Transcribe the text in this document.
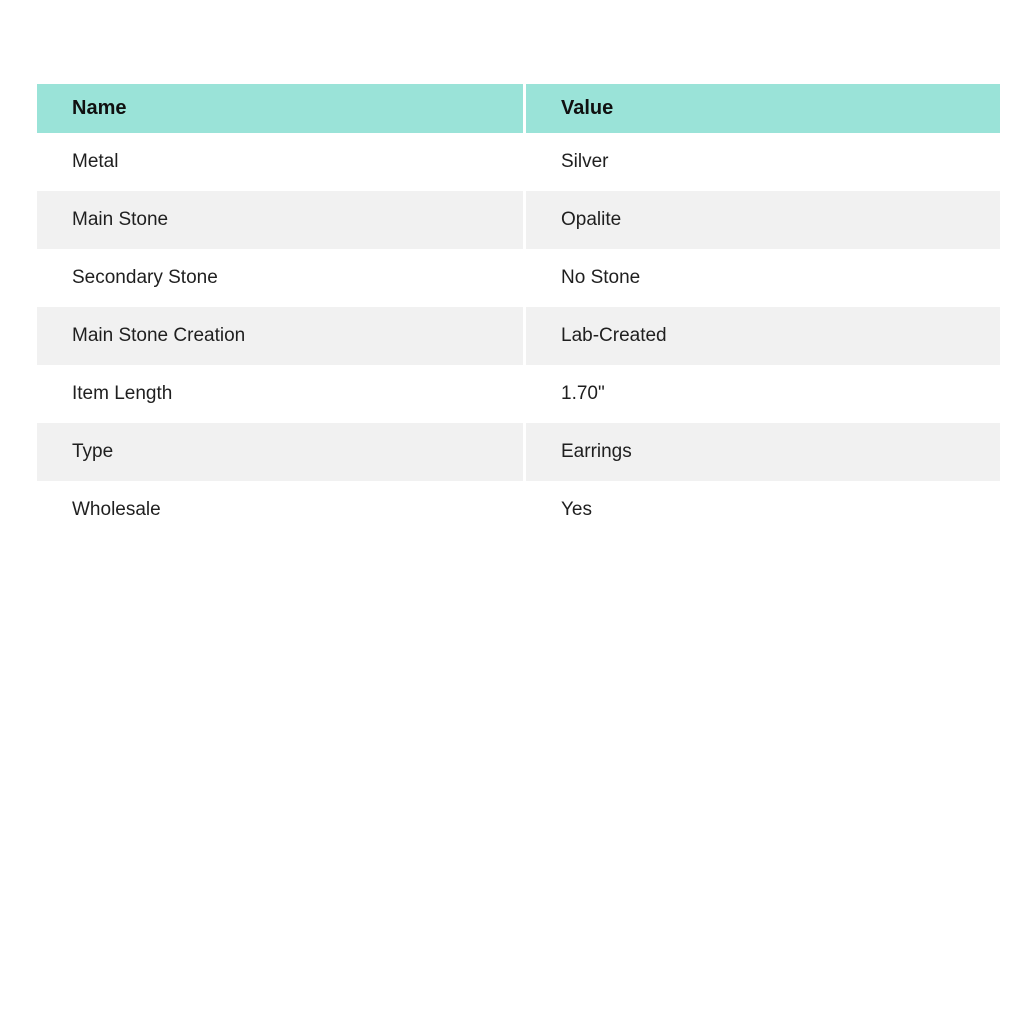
Name	Value
Metal	Silver
Main Stone	Opalite
Secondary Stone	No Stone
Main Stone Creation	Lab-Created
Item Length	1.70"
Type	Earrings
Wholesale	Yes
